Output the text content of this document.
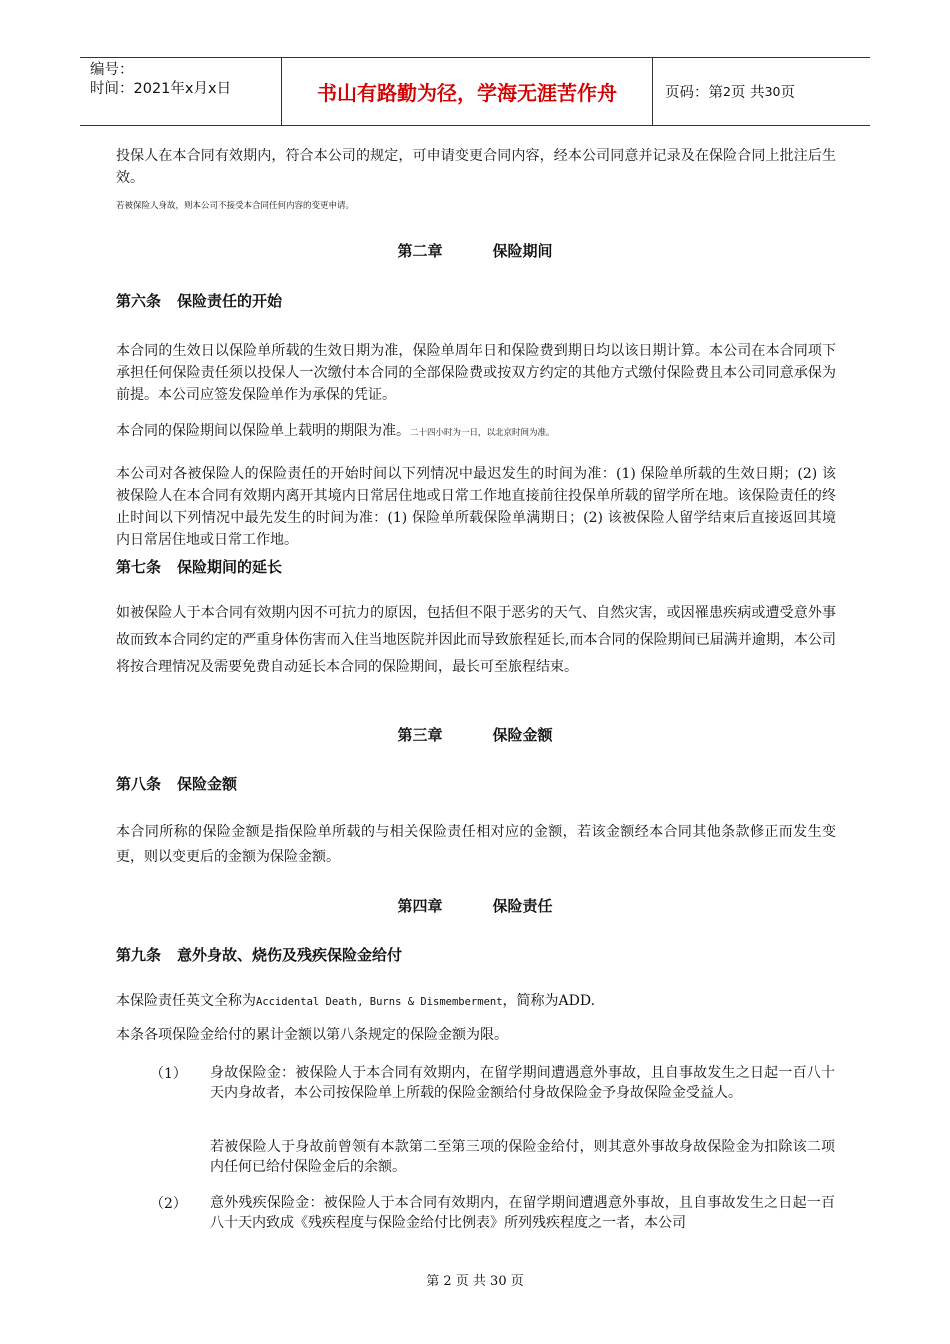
编号：
时间：2021年x月x日	书山有路勤为径，学海无涯苦作舟	页码：第 2 页 共 30 页
投保人在本合同有效期内，符合本公司的规定，可申请变更合同内容，经本公司同意并记录及在保险合同上批注后生效。
若被保险人身故，则本公司不接受本合同任何内容的变更申请。
第二章	保险期间
第六条 保险责任的开始
本合同的生效日以保险单所载的生效日期为准，保险单周年日和保险费到期日均以该日期计算。本公司在本合同项下承担任何保险责任须以投保人一次缴付本合同的全部保险费或按双方约定的其他方式缴付保险费且本公司同意承保为前提。本公司应签发保险单作为承保的凭证。
本合同的保险期间以保险单上载明的期限为准。二十四小时为一日，以北京时间为准。
本公司对各被保险人的保险责任的开始时间以下列情况中最迟发生的时间为准：(1) 保险单所载的生效日期；(2) 该被保险人在本合同有效期内离开其境内日常居住地或日常工作地直接前往投保单所载的留学所在地。该保险责任的终止时间以下列情况中最先发生的时间为准：(1) 保险单所载保险单满期日；(2) 该被保险人留学结束后直接返回其境内日常居住地或日常工作地。
第七条 保险期间的延长
如被保险人于本合同有效期内因不可抗力的原因，包括但不限于恶劣的天气、自然灾害，或因罹患疾病或遭受意外事故而致本合同约定的严重身体伤害而入住当地医院并因此而导致旅程延长,而本合同的保险期间已届满并逾期，本公司将按合理情况及需要免费自动延长本合同的保险期间，最长可至旅程结束。
第三章	保险金额
第八条 保险金额
本合同所称的保险金额是指保险单所载的与相关保险责任相对应的金额，若该金额经本合同其他条款修正而发生变更，则以变更后的金额为保险金额。
第四章	保险责任
第九条 意外身故、烧伤及残疾保险金给付
本保险责任英文全称为Accidental Death, Burns & Dismemberment，简称为ADD.
本条各项保险金给付的累计金额以第八条规定的保险金额为限。
（1） 身故保险金：被保险人于本合同有效期内，在留学期间遭遇意外事故，且自事故发生之日起一百八十天内身故者，本公司按保险单上所载的保险金额给付身故保险金予身故保险金受益人。
若被保险人于身故前曾领有本款第二至第三项的保险金给付，则其意外事故身故保险金为扣除该二项内任何已给付保险金后的余额。
（2） 意外残疾保险金：被保险人于本合同有效期内，在留学期间遭遇意外事故，且自事故发生之日起一百八十天内致成《残疾程度与保险金给付比例表》所列残疾程度之一者，本公司
第 2 页 共 30 页
